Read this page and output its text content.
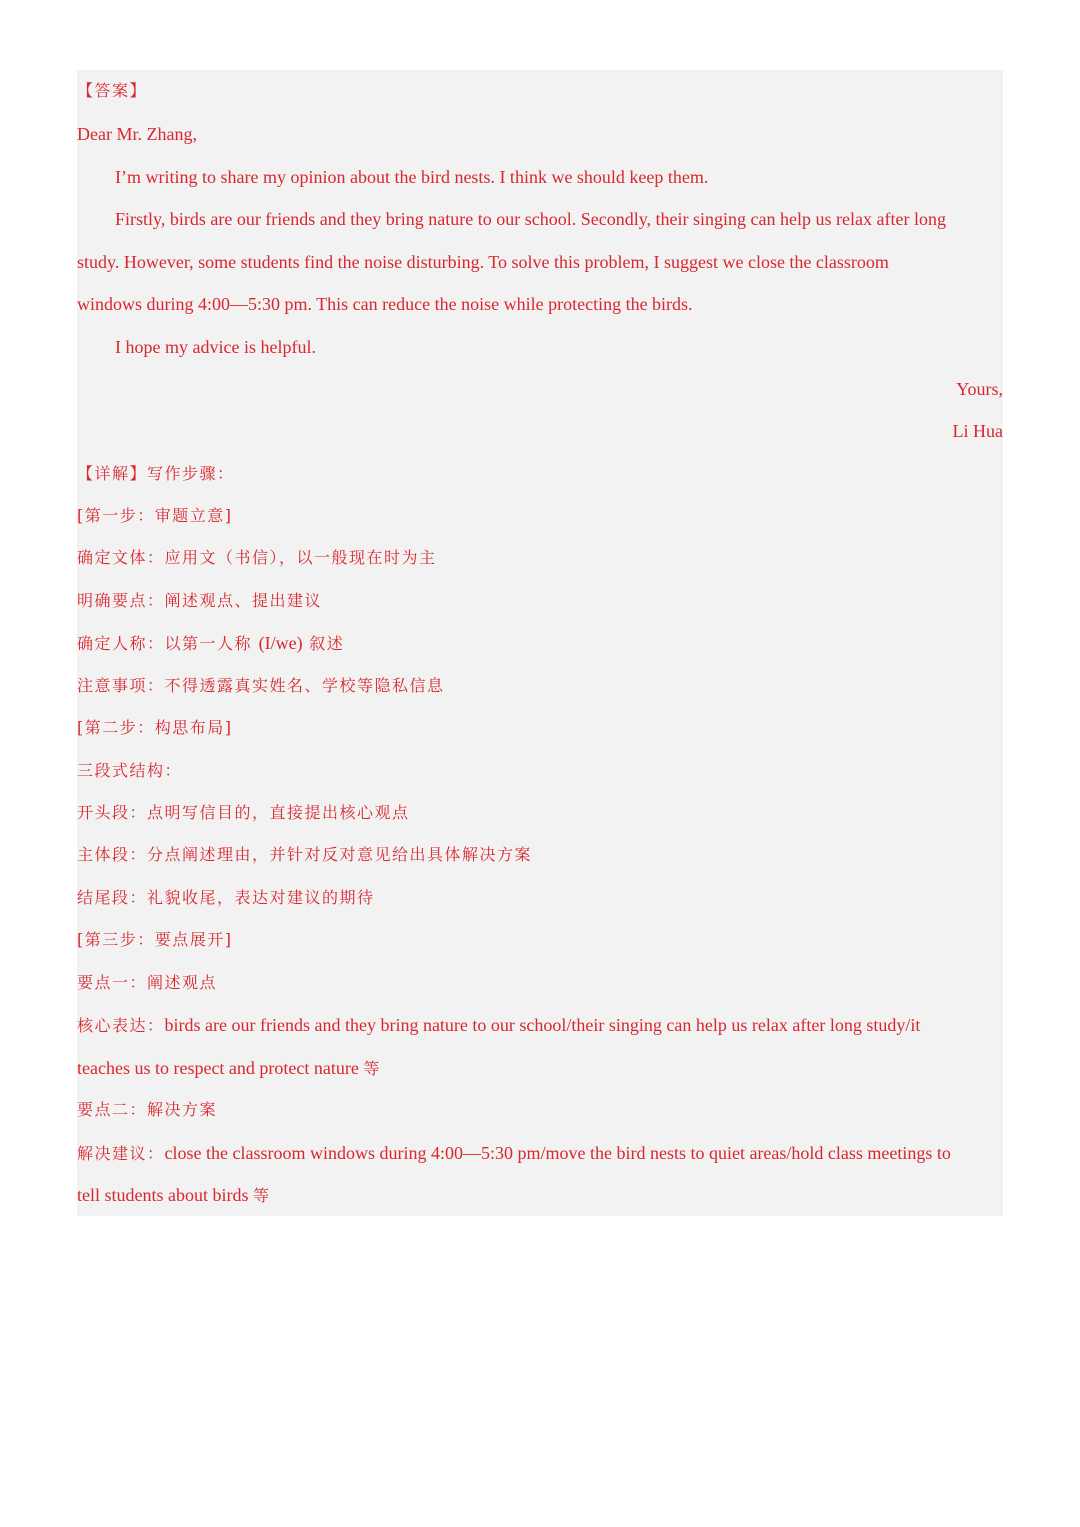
【答案】
Dear Mr. Zhang,
I’m writing to share my opinion about the bird nests. I think we should keep them.
Firstly, birds are our friends and they bring nature to our school. Secondly, their singing can help us relax after long
study. However, some students find the noise disturbing. To solve this problem, I suggest we close the classroom
windows during 4:00—5:30 pm. This can reduce the noise while protecting the birds.
I hope my advice is helpful.
Yours,
Li Hua
【详解】写作步骤：
[第一步：审题立意]
确定文体：应用文（书信），以一般现在时为主
明确要点：阐述观点、提出建议
确定人称：以第一人称 (I/we) 叙述
注意事项：不得透露真实姓名、学校等隐私信息
[第二步：构思布局]
三段式结构：
开头段：点明写信目的，直接提出核心观点
主体段：分点阐述理由，并针对反对意见给出具体解决方案
结尾段：礼貌收尾，表达对建议的期待
[第三步：要点展开]
要点一：阐述观点
核心表达：birds are our friends and they bring nature to our school/their singing can help us relax after long study/it
teaches us to respect and protect nature 等
要点二：解决方案
解决建议：close the classroom windows during 4:00—5:30 pm/move the bird nests to quiet areas/hold class meetings to
tell students about birds 等
